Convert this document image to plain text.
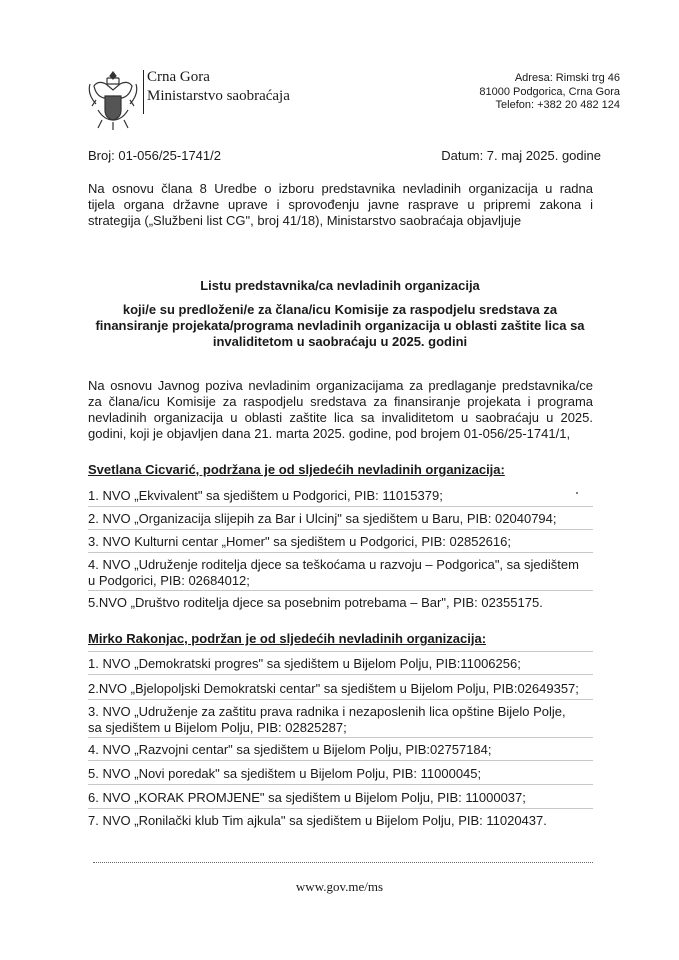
Crna Gora
Ministarstvo saobraćaja
Adresa: Rimski trg 46
81000 Podgorica, Crna Gora
Telefon: +382 20 482 124
Broj: 01-056/25-1741/2	Datum: 7. maj 2025. godine
Na osnovu člana 8 Uredbe o izboru predstavnika nevladinih organizacija u radna
tijela organa državne uprave i sprovođenju javne rasprave u pripremi zakona i
strategija („Službeni list CG", broj 41/18), Ministarstvo saobraćaja objavljuje
Listu predstavnika/ca nevladinih organizacija
koji/e su predloženi/e za člana/icu Komisije za raspodjelu sredstava za
finansiranje projekata/programa nevladinih organizacija u oblasti zaštite lica sa
invaliditetom u saobraćaju u 2025. godini
Na osnovu Javnog poziva nevladinim organizacijama za predlaganje predstavnika/ce
za člana/icu Komisije za raspodjelu sredstava za finansiranje projekata i programa
nevladinih organizacija u oblasti zaštite lica sa invaliditetom u saobraćaju u 2025.
godini, koji je objavljen dana 21. marta 2025. godine, pod brojem 01-056/25-1741/1,
Svetlana Cicvarić, podržana je od sljedećih nevladinih organizacija:
1. NVO „Ekvivalent" sa sjedištem u Podgorici, PIB: 11015379;
2. NVO „Organizacija slijepih za Bar i Ulcinj" sa sjedištem u Baru, PIB: 02040794;
3. NVO Kulturni centar „Homer" sa sjedištem u Podgorici, PIB: 02852616;
4. NVO „Udruženje roditelja djece sa teškoćama u razvoju – Podgorica", sa sjedištem
u Podgorici, PIB: 02684012;
5.NVO „Društvo roditelja djece sa posebnim potrebama – Bar", PIB: 02355175.
Mirko Rakonjac, podržan je od sljedećih nevladinih organizacija:
1. NVO „Demokratski progres" sa sjedištem u Bijelom Polju, PIB:11006256;
2.NVO „Bjelopoljski Demokratski centar" sa sjedištem u Bijelom Polju, PIB:02649357;
3. NVO „Udruženje za zaštitu prava radnika i nezaposlenih lica opštine Bijelo Polje,
sa sjedištem u Bijelom Polju, PIB: 02825287;
4. NVO „Razvojni centar" sa sjedištem u Bijelom Polju, PIB:02757184;
5. NVO „Novi poredak" sa sjedištem u Bijelom Polju, PIB: 11000045;
6. NVO „KORAK PROMJENE" sa sjedištem u Bijelom Polju, PIB: 11000037;
7. NVO „Ronilački klub Tim ajkula" sa sjedištem u Bijelom Polju, PIB: 11020437.
www.gov.me/ms
